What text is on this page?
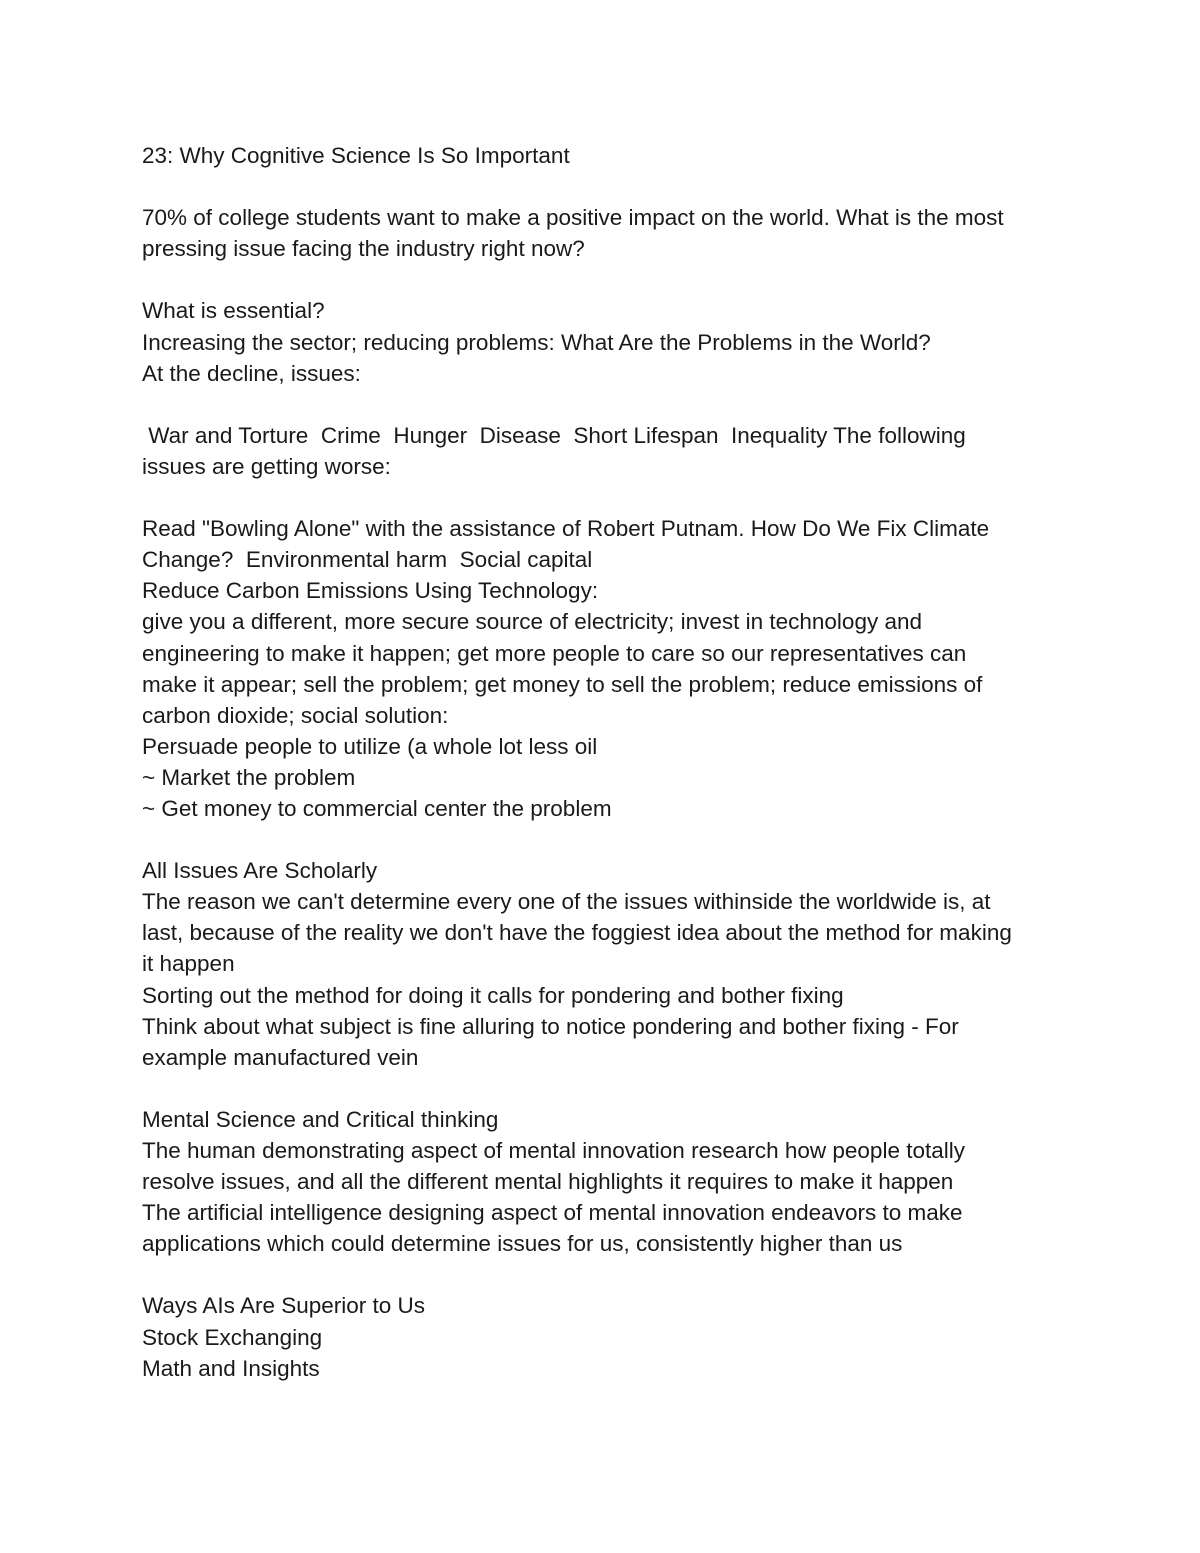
23: Why Cognitive Science Is So Important
70% of college students want to make a positive impact on the world. What is the most
pressing issue facing the industry right now?
What is essential?
Increasing the sector; reducing problems: What Are the Problems in the World?
At the decline, issues:
War and Torture  Crime  Hunger  Disease  Short Lifespan  Inequality The following
issues are getting worse:
Read "Bowling Alone" with the assistance of Robert Putnam. How Do We Fix Climate
Change?  Environmental harm  Social capital
Reduce Carbon Emissions Using Technology:
give you a different, more secure source of electricity; invest in technology and
engineering to make it happen; get more people to care so our representatives can
make it appear; sell the problem; get money to sell the problem; reduce emissions of
carbon dioxide; social solution:
Persuade people to utilize (a whole lot less oil
~ Market the problem
~ Get money to commercial center the problem
All Issues Are Scholarly
The reason we can't determine every one of the issues withinside the worldwide is, at
last, because of the reality we don't have the foggiest idea about the method for making
it happen
Sorting out the method for doing it calls for pondering and bother fixing
Think about what subject is fine alluring to notice pondering and bother fixing - For
example manufactured vein
Mental Science and Critical thinking
The human demonstrating aspect of mental innovation research how people totally
resolve issues, and all the different mental highlights it requires to make it happen
The artificial intelligence designing aspect of mental innovation endeavors to make
applications which could determine issues for us, consistently higher than us
Ways AIs Are Superior to Us
Stock Exchanging
Math and Insights
